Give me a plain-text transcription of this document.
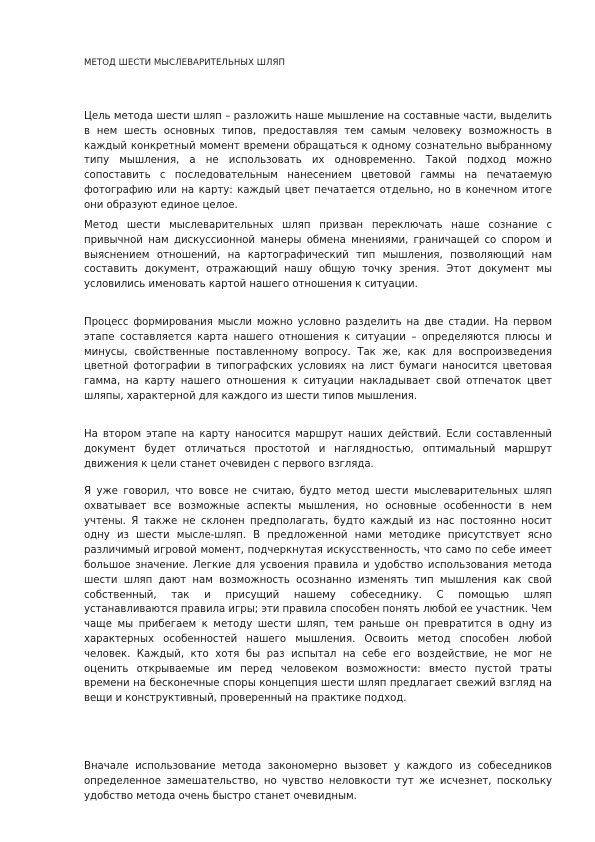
МЕТОД ШЕСТИ МЫСЛЕВАРИТЕЛЬНЫХ ШЛЯП

Цель метода шести шляп – разложить наше мышление на составные части, выделить в нем шесть основных типов, предоставляя тем самым человеку возможность в каждый конкретный момент времени обращаться к одному сознательно выбранному типу мышления, а не использовать их одновременно. Такой подход можно сопоставить с последовательным нанесением цветовой гаммы на печатаемую фотографию или на карту: каждый цвет печатается отдельно, но в конечном итоге они образуют единое целое.

Метод шести мыслеварительных шляп призван переключать наше сознание с привычной нам дискуссионной манеры обмена мнениями, граничащей со спором и выяснением отношений, на картографический тип мышления, позволяющий нам составить документ, отражающий нашу общую точку зрения. Этот документ мы условились именовать картой нашего отношения к ситуации.

Процесс формирования мысли можно условно разделить на две стадии. На первом этапе составляется карта нашего отношения к ситуации – определяются плюсы и минусы, свойственные поставленному вопросу. Так же, как для воспроизведения цветной фотографии в типографских условиях на лист бумаги наносится цветовая гамма, на карту нашего отношения к ситуации накладывает свой отпечаток цвет шляпы, характерной для каждого из шести типов мышления.

На втором этапе на карту наносится маршрут наших действий. Если составленный документ будет отличаться простотой и наглядностью, оптимальный маршрут движения к цели станет очевиден с первого взгляда.

Я уже говорил, что вовсе не считаю, будто метод шести мыслеварительных шляп охватывает все возможные аспекты мышления, но основные особенности в нем учтены. Я также не склонен предполагать, будто каждый из нас постоянно носит одну из шести мысле-шляп. В предложенной нами методике присутствует ясно различимый игровой момент, подчеркнутая искусственность, что само по себе имеет большое значение. Легкие для усвоения правила и удобство использования метода шести шляп дают нам возможность осознанно изменять тип мышления как свой собственный, так и присущий нашему собеседнику. С помощью шляп устанавливаются правила игры; эти правила способен понять любой ее участник. Чем чаще мы прибегаем к методу шести шляп, тем раньше он превратится в одну из характерных особенностей нашего мышления. Освоить метод способен любой человек. Каждый, кто хотя бы раз испытал на себе его воздействие, не мог не оценить открываемые им перед человеком возможности: вместо пустой траты времени на бесконечные споры концепция шести шляп предлагает свежий взгляд на вещи и конструктивный, проверенный на практике подход.

Вначале использование метода закономерно вызовет у каждого из собеседников определенное замешательство, но чувство неловкости тут же исчезнет, поскольку удобство метода очень быстро станет очевидным.
